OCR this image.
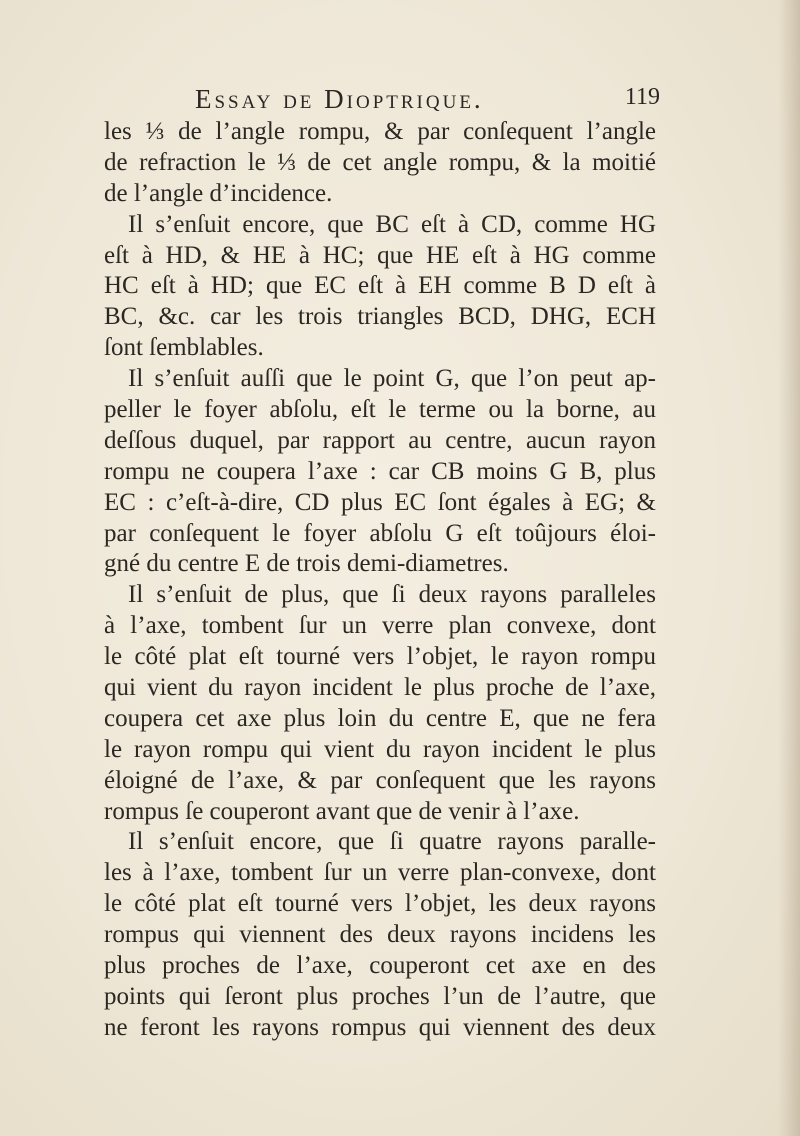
Essay de Dioptrique.	119
les ⅓ de l’angle rompu, & par conſequent l’angle
de refraction le ⅓ de cet angle rompu, & la moitié
de l’angle d’incidence.
Il s’enſuit encore, que BC eſt à CD, comme HG
eſt à HD, & HE à HC; que HE eſt à HG comme
HC eſt à HD; que EC eſt à EH comme B D eſt à
BC, &c. car les trois triangles BCD, DHG, ECH
ſont ſemblables.
Il s’enſuit auſſi que le point G, que l’on peut ap-
peller le foyer abſolu, eſt le terme ou la borne, au
deſſous duquel, par rapport au centre, aucun rayon
rompu ne coupera l’axe : car CB moins G B, plus
EC : c’eſt-à-dire, CD plus EC ſont égales à EG; &
par conſequent le foyer abſolu G eſt toûjours éloi-
gné du centre E de trois demi-diametres.
Il s’enſuit de plus, que ſi deux rayons paralleles
à l’axe, tombent ſur un verre plan convexe, dont
le côté plat eſt tourné vers l’objet, le rayon rompu
qui vient du rayon incident le plus proche de l’axe,
coupera cet axe plus loin du centre E, que ne fera
le rayon rompu qui vient du rayon incident le plus
éloigné de l’axe, & par conſequent que les rayons
rompus ſe couperont avant que de venir à l’axe.
Il s’enſuit encore, que ſi quatre rayons paralle-
les à l’axe, tombent ſur un verre plan-convexe, dont
le côté plat eſt tourné vers l’objet, les deux rayons
rompus qui viennent des deux rayons incidens les
plus proches de l’axe, couperont cet axe en des
points qui ſeront plus proches l’un de l’autre, que
ne feront les rayons rompus qui viennent des deux
